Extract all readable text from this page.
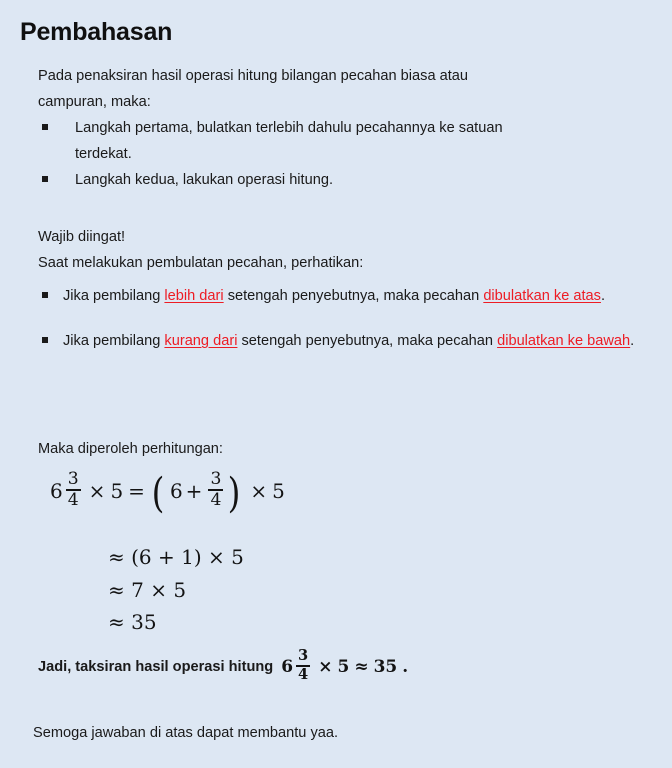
Pembahasan
Pada penaksiran hasil operasi hitung bilangan pecahan biasa atau
campuran, maka:
Langkah pertama, bulatkan terlebih dahulu pecahannya ke satuan
terdekat.
Langkah kedua, lakukan operasi hitung.
Wajib diingat!
Saat melakukan pembulatan pecahan, perhatikan:
Jika pembilang lebih dari setengah penyebutnya, maka pecahan dibulatkan ke atas.
Jika pembilang kurang dari setengah penyebutnya, maka pecahan dibulatkan ke bawah.
Maka diperoleh perhitungan:
$6 \frac{3}{4} \times 5$ = ( $6 + \frac{3}{4}$ ) × 5
≈ (6 + 1) × 5
≈ 7 × 5
≈ 35
Jadi, taksiran hasil operasi hitung $6 \frac{3}{4} \times 5 \approx 35$ .
Semoga jawaban di atas dapat membantu yaa.
